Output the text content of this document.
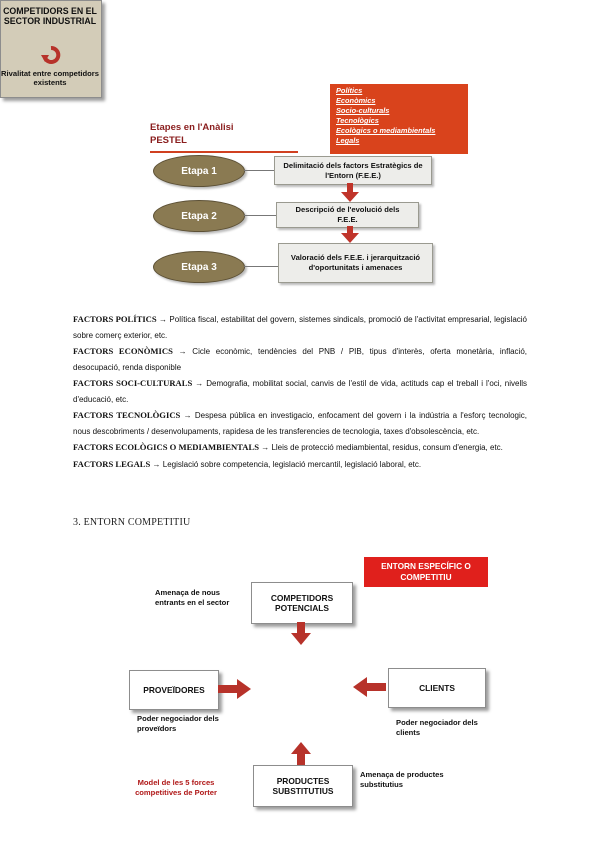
Polítics
Econòmics
Socio-culturals
Tecnològics
Ecològics o mediambientals
Legals
Etapes en l'Anàlisi
PESTEL
Etapa 1
Etapa 2
Etapa 3
Delimitació dels factors Estratègics de l'Entorn (F.E.E.)
Descripció de l'evolució dels F.E.E.
Valoració dels F.E.E. i jerarquització d'oportunitats i amenaces

FACTORS POLÍTICS → Política fiscal, estabilitat del govern, sistemes sindicals, promoció de l'activitat empresarial, legislació sobre comerç exterior, etc.

FACTORS ECONÒMICS → Cicle econòmic, tendències del PNB / PIB, tipus d'interès, oferta monetària, inflació, desocupació, renda disponible

FACTORS SOCI-CULTURALS → Demografia, mobilitat social, canvis de l'estil de vida, actituds cap el treball i l'oci, nivells d'educació, etc.

FACTORS TECNOLÒGICS → Despesa pública en investigacio, enfocament del govern i la indústria a l'esforç tecnologic, nous descobriments / desenvolupaments, rapidesa de les transferencies de tecnologia, taxes d'obsolescència, etc.

FACTORS ECOLÒGICS O MEDIAMBIENTALS → Lleis de protecció mediambiental, residus, consum d'energia, etc.

FACTORS LEGALS → Legislació sobre competencia, legislació mercantil, legislació laboral, etc.

3. ENTORN COMPETITIU
ENTORN ESPECÍFIC O COMPETITIU
Amenaça de nous entrants en el sector	COMPETIDORS POTENCIALS
COMPETIDORS EN EL SECTOR INDUSTRIAL
Rivalitat entre competidors existents
PROVEÏDORES	CLIENTS
Poder negociador dels proveïdors
Poder negociador dels clients
PRODUCTES SUBSTITUTIUS
Amenaça de productes substitutius
Model de les 5 forces competitives de Porter
